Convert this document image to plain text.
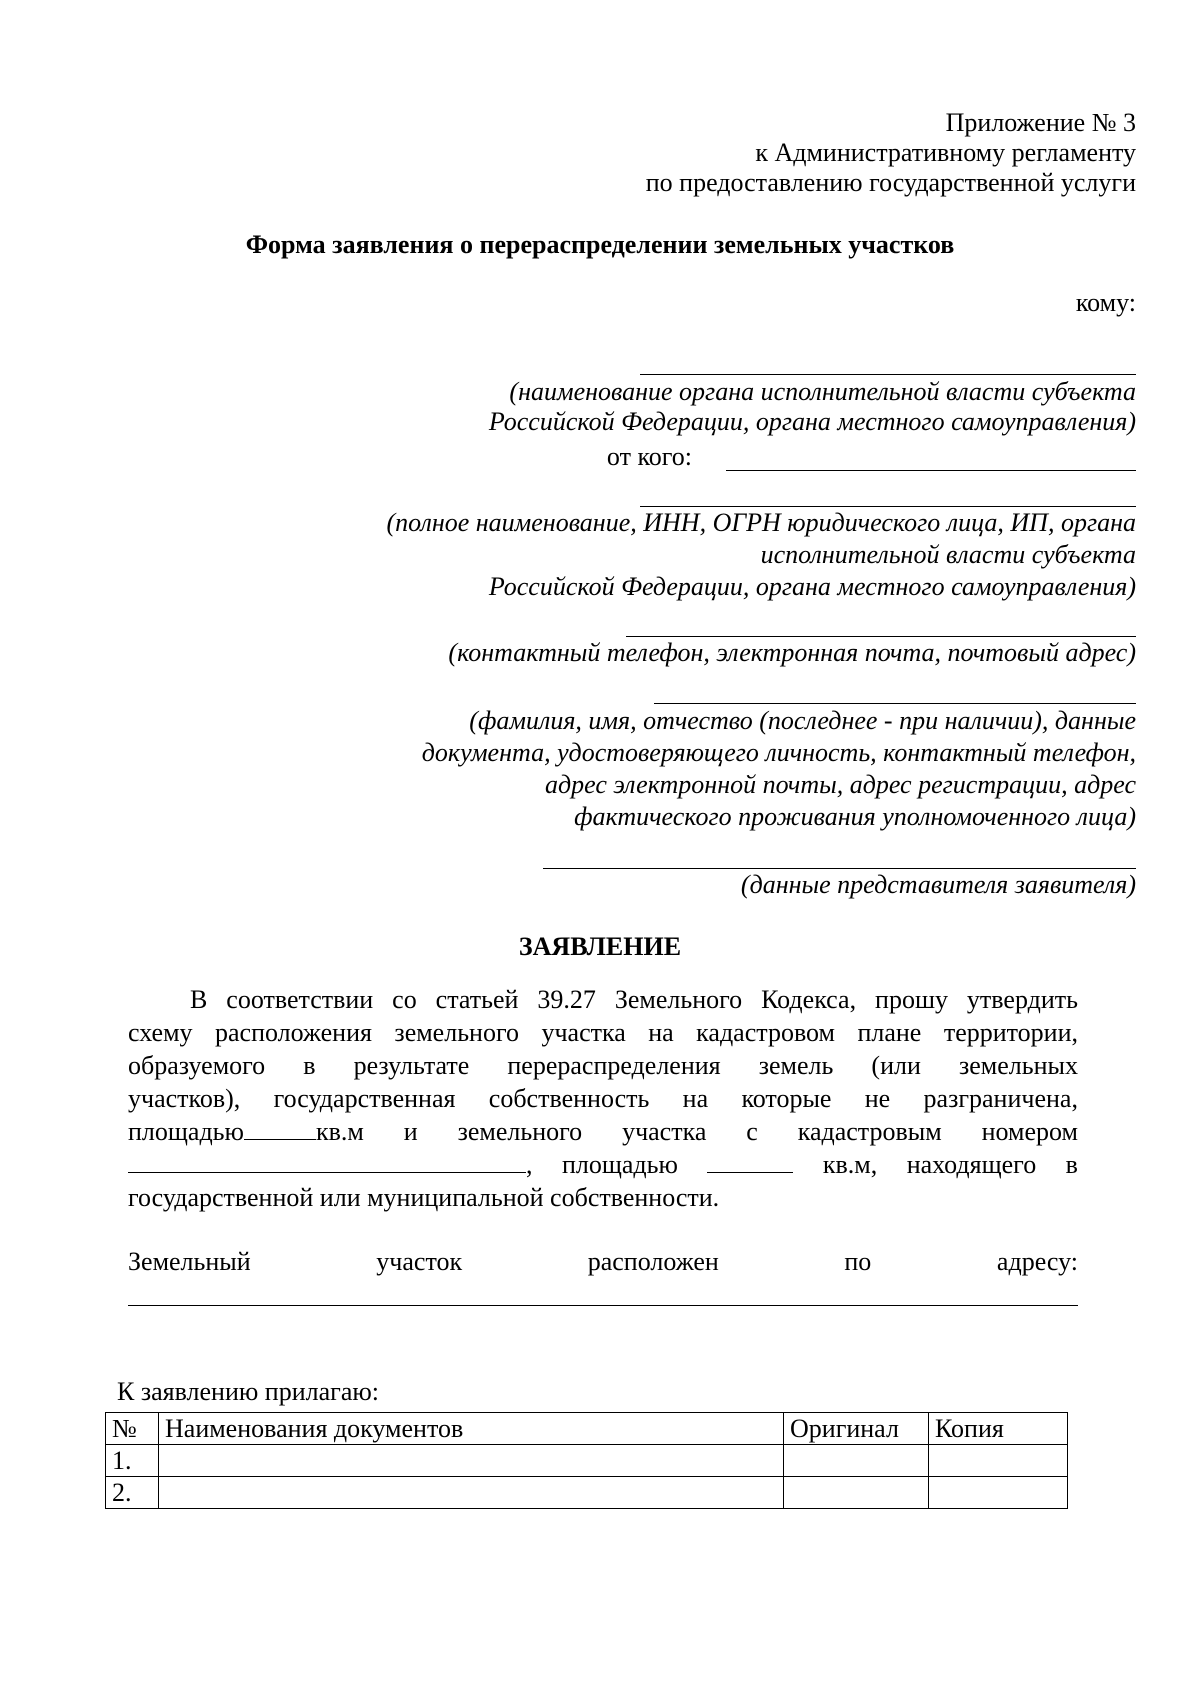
Приложение № 3
к Административному регламенту
по предоставлению государственной услуги
Форма заявления о перераспределении земельных участков
кому:
(наименование органа исполнительной власти субъекта
Российской Федерации, органа местного самоуправления)
от кого:
(полное наименование, ИНН, ОГРН юридического лица, ИП, органа
исполнительной власти субъекта
Российской Федерации, органа местного самоуправления)
(контактный телефон, электронная почта, почтовый адрес)
(фамилия, имя, отчество (последнее - при наличии), данные
документа, удостоверяющего личность, контактный телефон,
адрес электронной почты, адрес регистрации, адрес
фактического проживания уполномоченного лица)
(данные представителя заявителя)
ЗАЯВЛЕНИЕ
В соответствии со статьей 39.27 Земельного Кодекса, прошу утвердить
схему расположения земельного участка на кадастровом плане территории,
образуемого в результате перераспределения земель (или земельных
участков), государственная собственность на которые не разграничена,
площадью	кв.м и земельного участка с кадастровым номером
, площадью	кв.м, находящего в
государственной или муниципальной собственности.
Земельный	участок	расположен	по	адресу:
К заявлению прилагаю:
№	Наименования документов	Оригинал	Копия
1.			
2.			
